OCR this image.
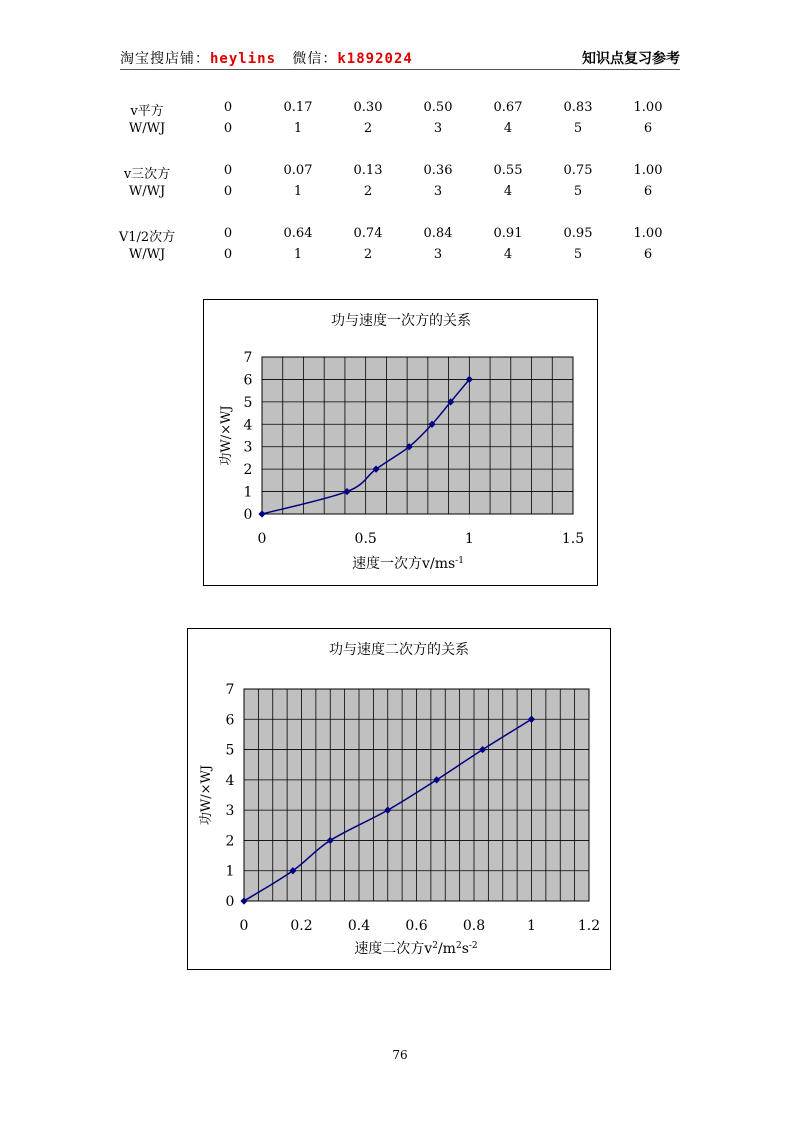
淘宝搜店铺：heylins 微信：k1892024	知识点复习参考
v平方	0	0.17	0.30	0.50	0.67	0.83	1.00
W/WJ	0	1	2	3	4	5	6
v三次方	0	0.07	0.13	0.36	0.55	0.75	1.00
W/WJ	0	1	2	3	4	5	6
V1/2次方	0	0.64	0.74	0.84	0.91	0.95	1.00
W/WJ	0	1	2	3	4	5	6
功与速度一次方的关系
0
1
2
3
4
5
6
7
0	0.5	1	1.5
功W/×WJ
速度一次方$v/ms^{-1}$
功与速度二次方的关系
0
1
2
3
4
5
6
7
0	0.2	0.4	0.6	0.8	1	1.2
功W/×WJ
速度二次方$v^2/m^2s^{-2}$
76
